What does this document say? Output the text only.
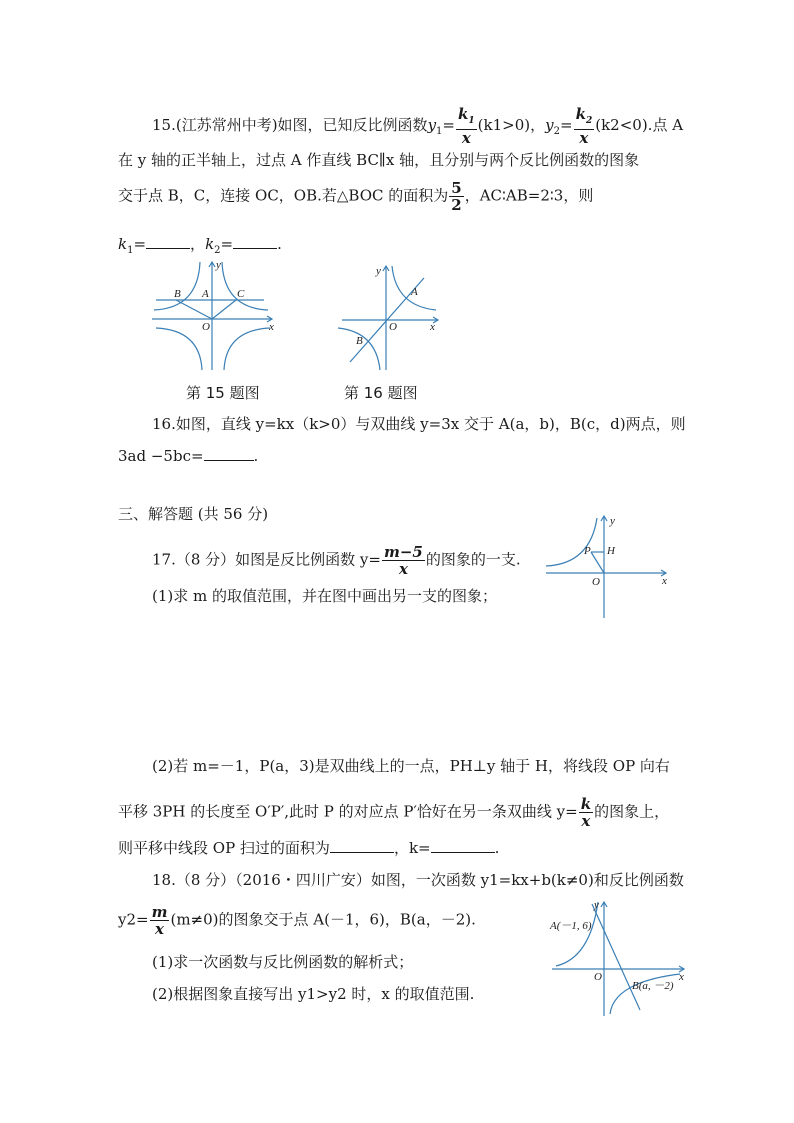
15.(江苏常州中考)如图，已知反比例函数$y_1= \frac{k_1}{x} (k1>0)$，$y_2= \frac{k_2}{x} (k2<0)$.点 A
在 y 轴的正半轴上，过点 A 作直线 BC∥x 轴，且分别与两个反比例函数的图象
交于点 B，C，连接 OC，OB.若△BOC 的面积为 $\frac{5}{2}$ ，AC∶AB=2∶3，则
$k_1=$	，$k_2=$	.
y
x
B A	C
O
第 15 题图
y
x
A
B
O
第 16 题图
16.如图，直线 y=kx（k>0）与双曲线 y=3x 交于 A(a，b)，B(c，d)两点，则
3ad −5bc=	.
三、解答题 (共 56 分)
17.（8 分）如图是反比例函数 $y= \frac{m-5}{x}$ 的图象的一支.
(1)求 m 的取值范围，并在图中画出另一支的图象；
y
x
P H
O
(2)若 m=－1，P(a，3)是双曲线上的一点，PH⊥y 轴于 H，将线段 OP 向右
平移 3PH 的长度至 O′P′,此时 P 的对应点 P′恰好在另一条双曲线 $y= \frac{k}{x}$ 的图象上，
则平移中线段 OP 扫过的面积为	，k=	.
18.（8 分）（2016・四川广安）如图，一次函数 y1=kx+b(k≠0)和反比例函数
$y2= \frac{m}{x} (m\ne 0)$的图象交于点 A(－1，6)，B(a，－2).
(1)求一次函数与反比例函数的解析式；
(2)根据图象直接写出 y1>y2 时，x 的取值范围.
y
x
A(－1, 6)
B(a, －2)
O
